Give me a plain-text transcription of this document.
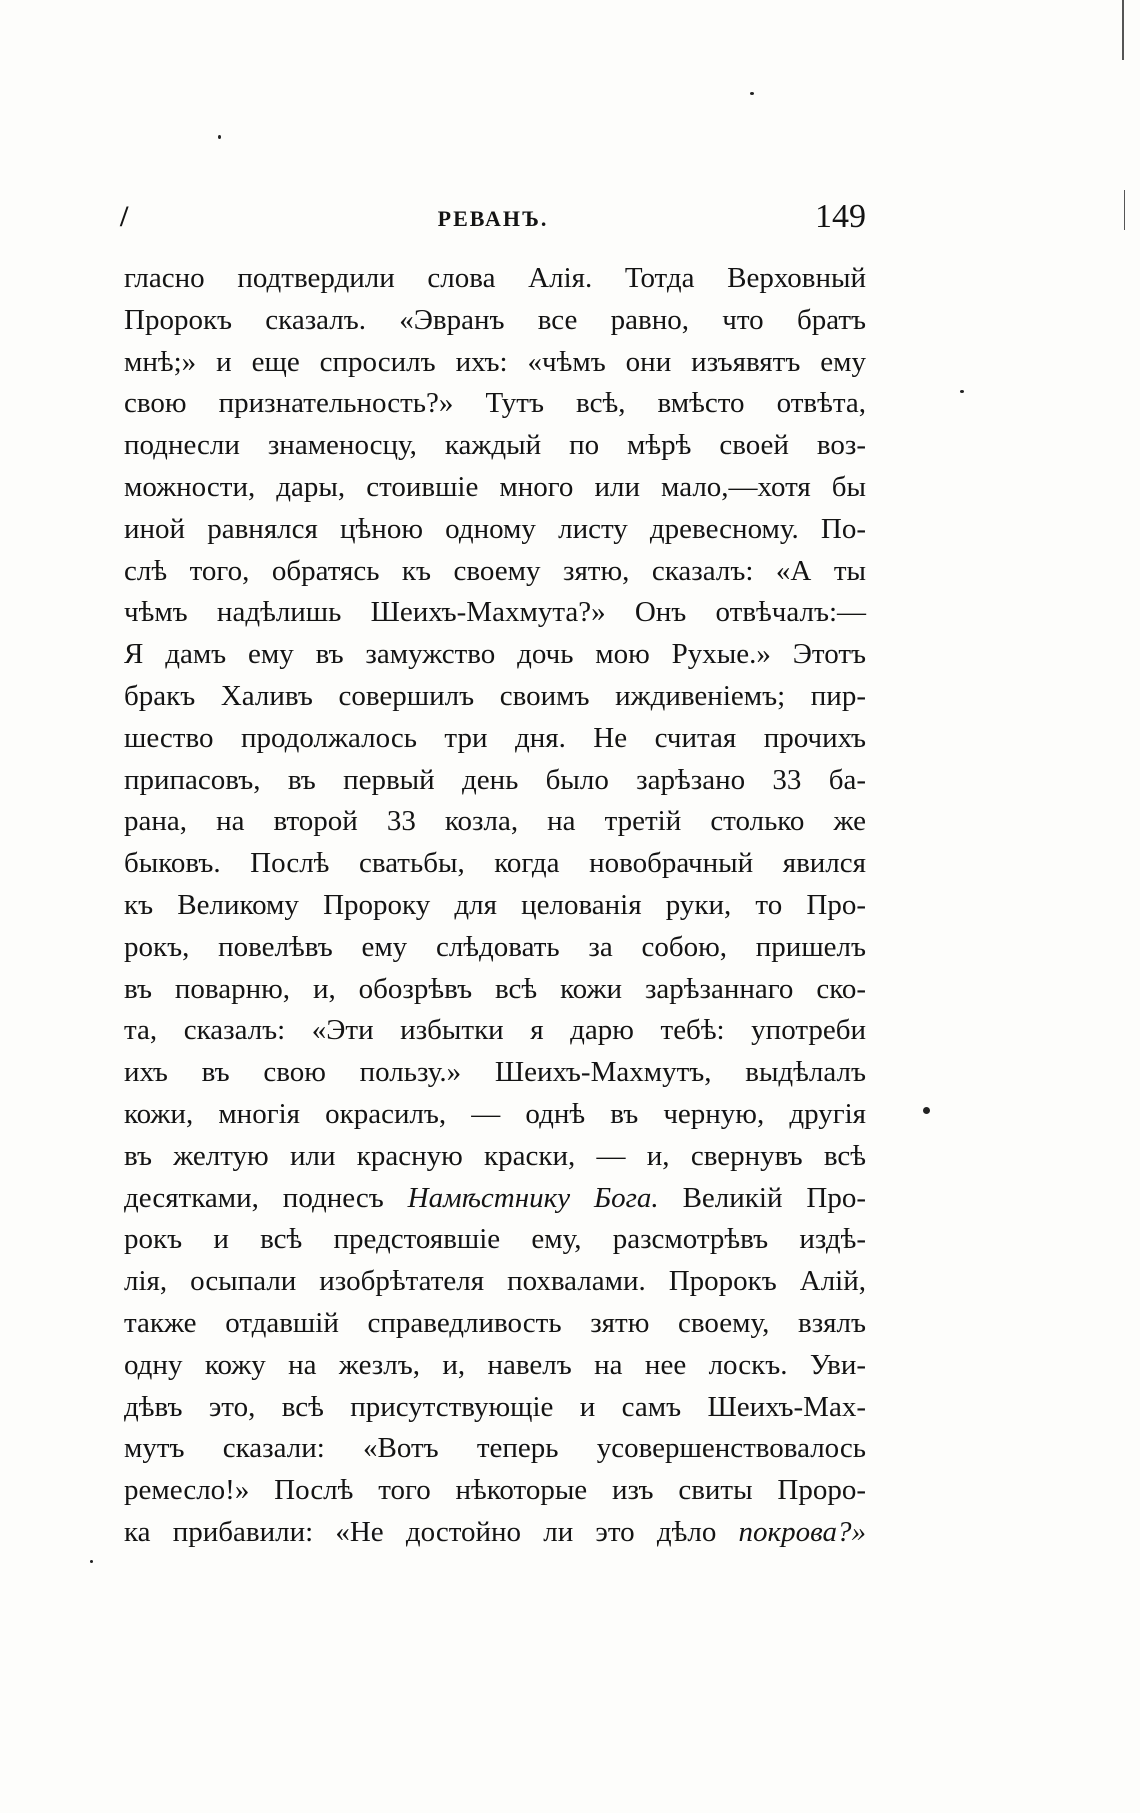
/	РЕВАНЪ.	149
гласно подтвердили слова Алія. Тотда Верховный
Пророкъ сказалъ. «Эвранъ все равно, что братъ
мнѣ;» и еще спросилъ ихъ: «чѣмъ они изъявятъ ему
свою признательность?» Тутъ всѣ, вмѣсто отвѣта,
поднесли знаменосцу, каждый по мѣрѣ своей воз-
можности, дары, стоившіе много или мало,—хотя бы
иной равнялся цѣною одному листу древесному. По-
слѣ того, обратясь къ своему зятю, сказалъ: «А ты
чѣмъ надѣлишь Шеихъ-Махмута?» Онъ отвѣчалъ:—
Я дамъ ему въ замужство дочь мою Рухые.» Этотъ
бракъ Халивъ совершилъ своимъ иждивеніемъ; пир-
шество продолжалось три дня. Не считая прочихъ
припасовъ, въ первый день было зарѣзано 33 ба-
рана, на второй 33 козла, на третій столько же
быковъ. Послѣ сватьбы, когда новобрачный явился
къ Великому Пророку для целованія руки, то Про-
рокъ, повелѣвъ ему слѣдовать за собою, пришелъ
въ поварню, и, обозрѣвъ всѣ кожи зарѣзаннаго ско-
та, сказалъ: «Эти избытки я дарю тебѣ: употреби
ихъ въ свою пользу.» Шеихъ-Махмутъ, выдѣлалъ
кожи, многія окрасилъ, — однѣ въ черную, другія
въ желтую или красную краски, — и, свернувъ всѣ
десятками, поднесъ Намѣстнику Бога. Великій Про-
рокъ и всѣ предстоявшіе ему, разсмотрѣвъ издѣ-
лія, осыпали изобрѣтателя похвалами. Пророкъ Алій,
также отдавшій справедливость зятю своему, взялъ
одну кожу на жезлъ, и, навелъ на нее лоскъ. Уви-
дѣвъ это, всѣ присутствующіе и самъ Шеихъ-Мах-
мутъ сказали: «Вотъ теперь усовершенствовалось
ремесло!» Послѣ того нѣкоторые изъ свиты Проро-
ка прибавили: «Не достойно ли это дѣло покрова?»
